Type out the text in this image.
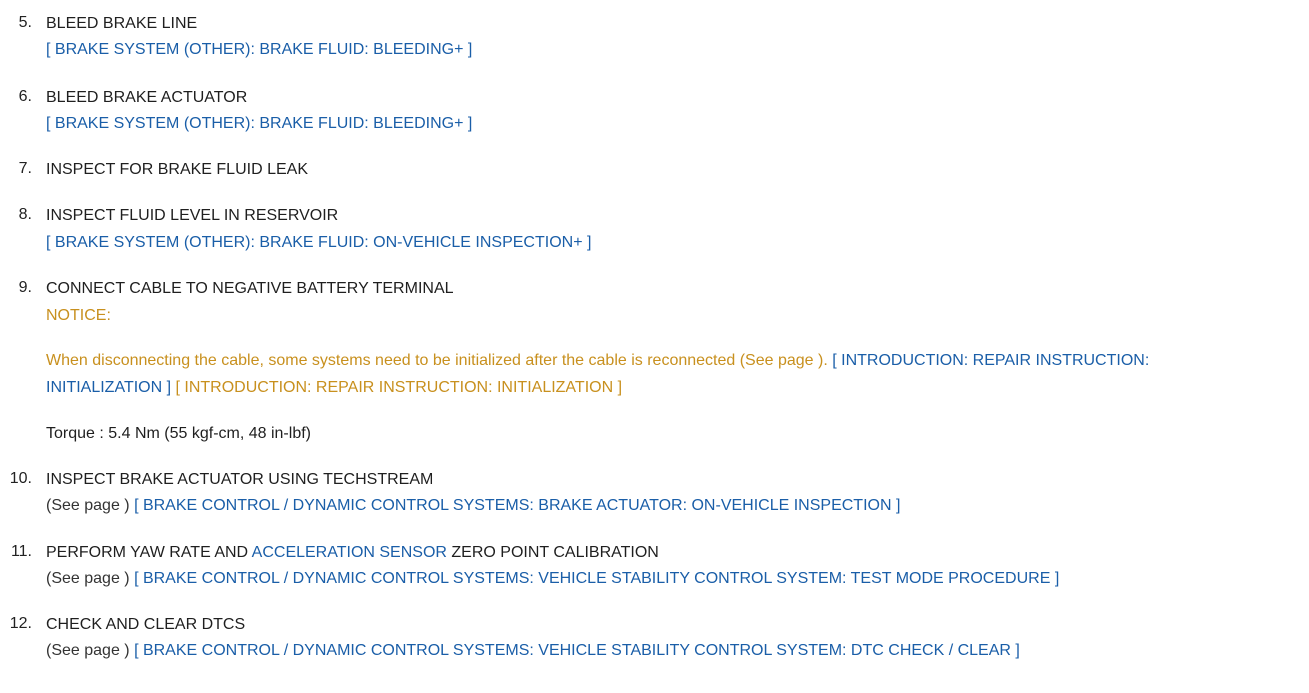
5. BLEED BRAKE LINE
[ BRAKE SYSTEM (OTHER): BRAKE FLUID: BLEEDING+ ]
6. BLEED BRAKE ACTUATOR
[ BRAKE SYSTEM (OTHER): BRAKE FLUID: BLEEDING+ ]
7. INSPECT FOR BRAKE FLUID LEAK
8. INSPECT FLUID LEVEL IN RESERVOIR
[ BRAKE SYSTEM (OTHER): BRAKE FLUID: ON-VEHICLE INSPECTION+ ]
9. CONNECT CABLE TO NEGATIVE BATTERY TERMINAL
NOTICE:
When disconnecting the cable, some systems need to be initialized after the cable is reconnected (See page ). [ INTRODUCTION: REPAIR INSTRUCTION:
INITIALIZATION ] [ INTRODUCTION: REPAIR INSTRUCTION: INITIALIZATION ]
Torque : 5.4 Nm (55 kgf-cm, 48 in-lbf)
10. INSPECT BRAKE ACTUATOR USING TECHSTREAM
(See page ) [ BRAKE CONTROL / DYNAMIC CONTROL SYSTEMS: BRAKE ACTUATOR: ON-VEHICLE INSPECTION ]
11. PERFORM YAW RATE AND ACCELERATION SENSOR ZERO POINT CALIBRATION
(See page ) [ BRAKE CONTROL / DYNAMIC CONTROL SYSTEMS: VEHICLE STABILITY CONTROL SYSTEM: TEST MODE PROCEDURE ]
12. CHECK AND CLEAR DTCS
(See page ) [ BRAKE CONTROL / DYNAMIC CONTROL SYSTEMS: VEHICLE STABILITY CONTROL SYSTEM: DTC CHECK / CLEAR ]
